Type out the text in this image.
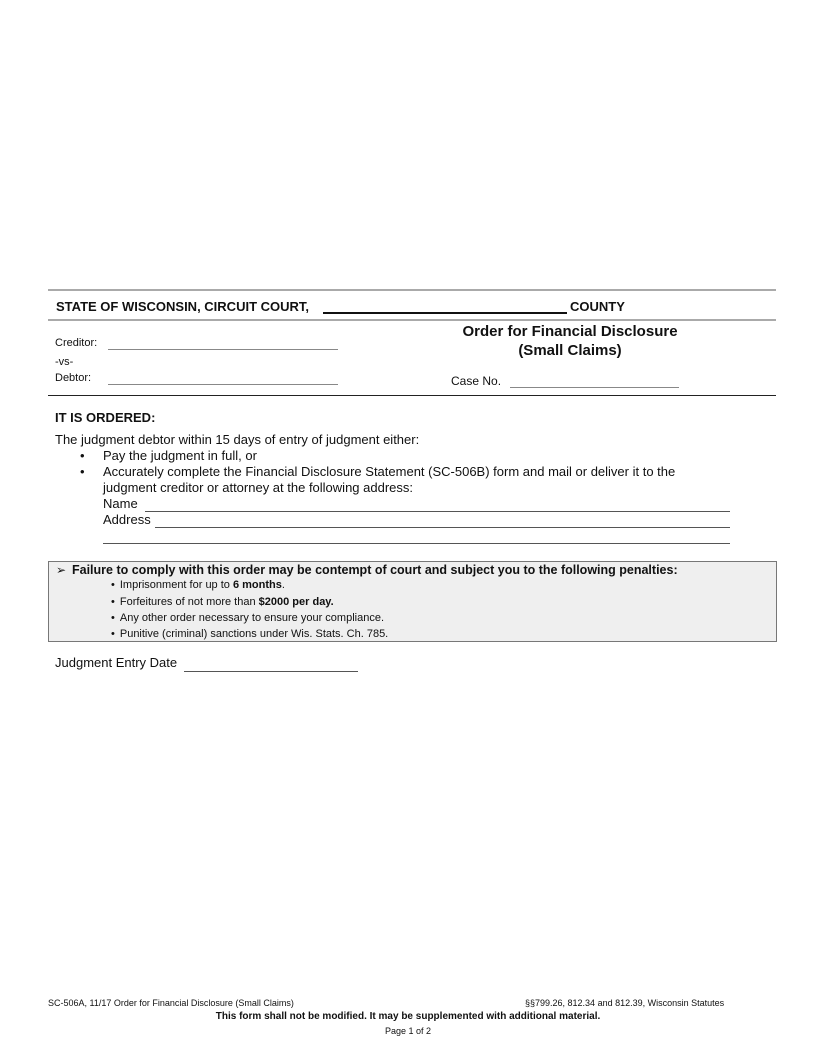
STATE OF WISCONSIN, CIRCUIT COURT,	COUNTY
Creditor:
-vs-
Debtor:
Order for Financial Disclosure
(Small Claims)
Case No.
IT IS ORDERED:
The judgment debtor within 15 days of entry of judgment either:
• Pay the judgment in full, or
• Accurately complete the Financial Disclosure Statement (SC-506B) form and mail or deliver it to the
judgment creditor or attorney at the following address:
Name
Address
➢ Failure to comply with this order may be contempt of court and subject you to the following penalties:
• Imprisonment for up to 6 months.
• Forfeitures of not more than $2000 per day.
• Any other order necessary to ensure your compliance.
• Punitive (criminal) sanctions under Wis. Stats. Ch. 785.
Judgment Entry Date
SC-506A, 11/17 Order for Financial Disclosure (Small Claims)	§§799.26, 812.34 and 812.39, Wisconsin Statutes
This form shall not be modified. It may be supplemented with additional material.
Page 1 of 2
